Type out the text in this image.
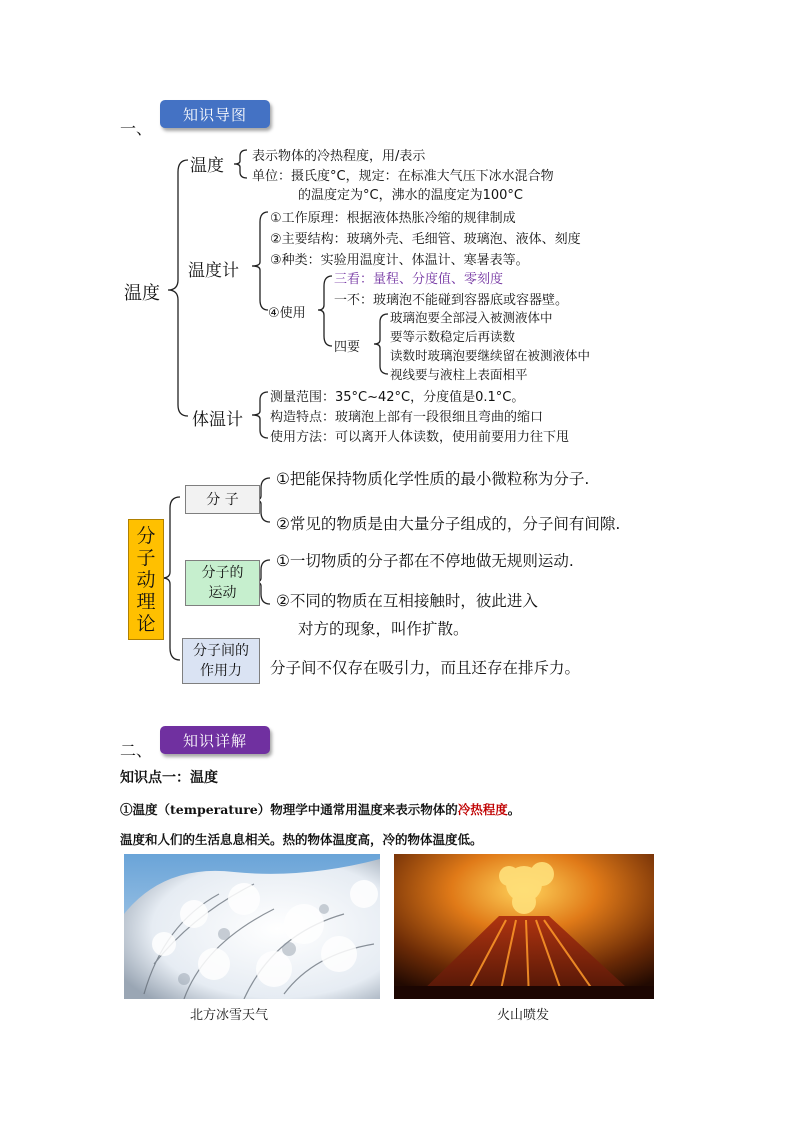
一、
知识导图
温度
温度 表示物体的冷热程度，用/表示
单位：摄氏度°C，规定：在标准大气压下冰水混合物
的温度定为°C，沸水的温度定为100°C
温度计
①工作原理：根据液体热胀冷缩的规律制成
②主要结构：玻璃外壳、毛细管、玻璃泡、液体、刻度
③种类：实验用温度计、体温计、寒暑表等。
④使用
三看：量程、分度值、零刻度
一不：玻璃泡不能碰到容器底或容器壁。
四要
玻璃泡要全部浸入被测液体中
要等示数稳定后再读数
读数时玻璃泡要继续留在被测液体中
视线要与液柱上表面相平
体温计
测量范围：35°C~42°C，分度值是0.1°C。
构造特点：玻璃泡上部有一段很细且弯曲的缩口
使用方法：可以离开人体读数，使用前要用力往下甩
分子动理论
分 子
①把能保持物质化学性质的最小微粒称为分子.
②常见的物质是由大量分子组成的，分子间有间隙.
分子的
运动
①一切物质的分子都在不停地做无规则运动.
②不同的物质在互相接触时，彼此进入
对方的现象，叫作扩散。
分子间的
作用力 分子间不仅存在吸引力，而且还存在排斥力。
二、
知识详解
知识点一：温度
①温度（temperature）物理学中通常用温度来表示物体的冷热程度。
温度和人们的生活息息相关。热的物体温度高，冷的物体温度低。
北方冰雪天气	火山喷发
